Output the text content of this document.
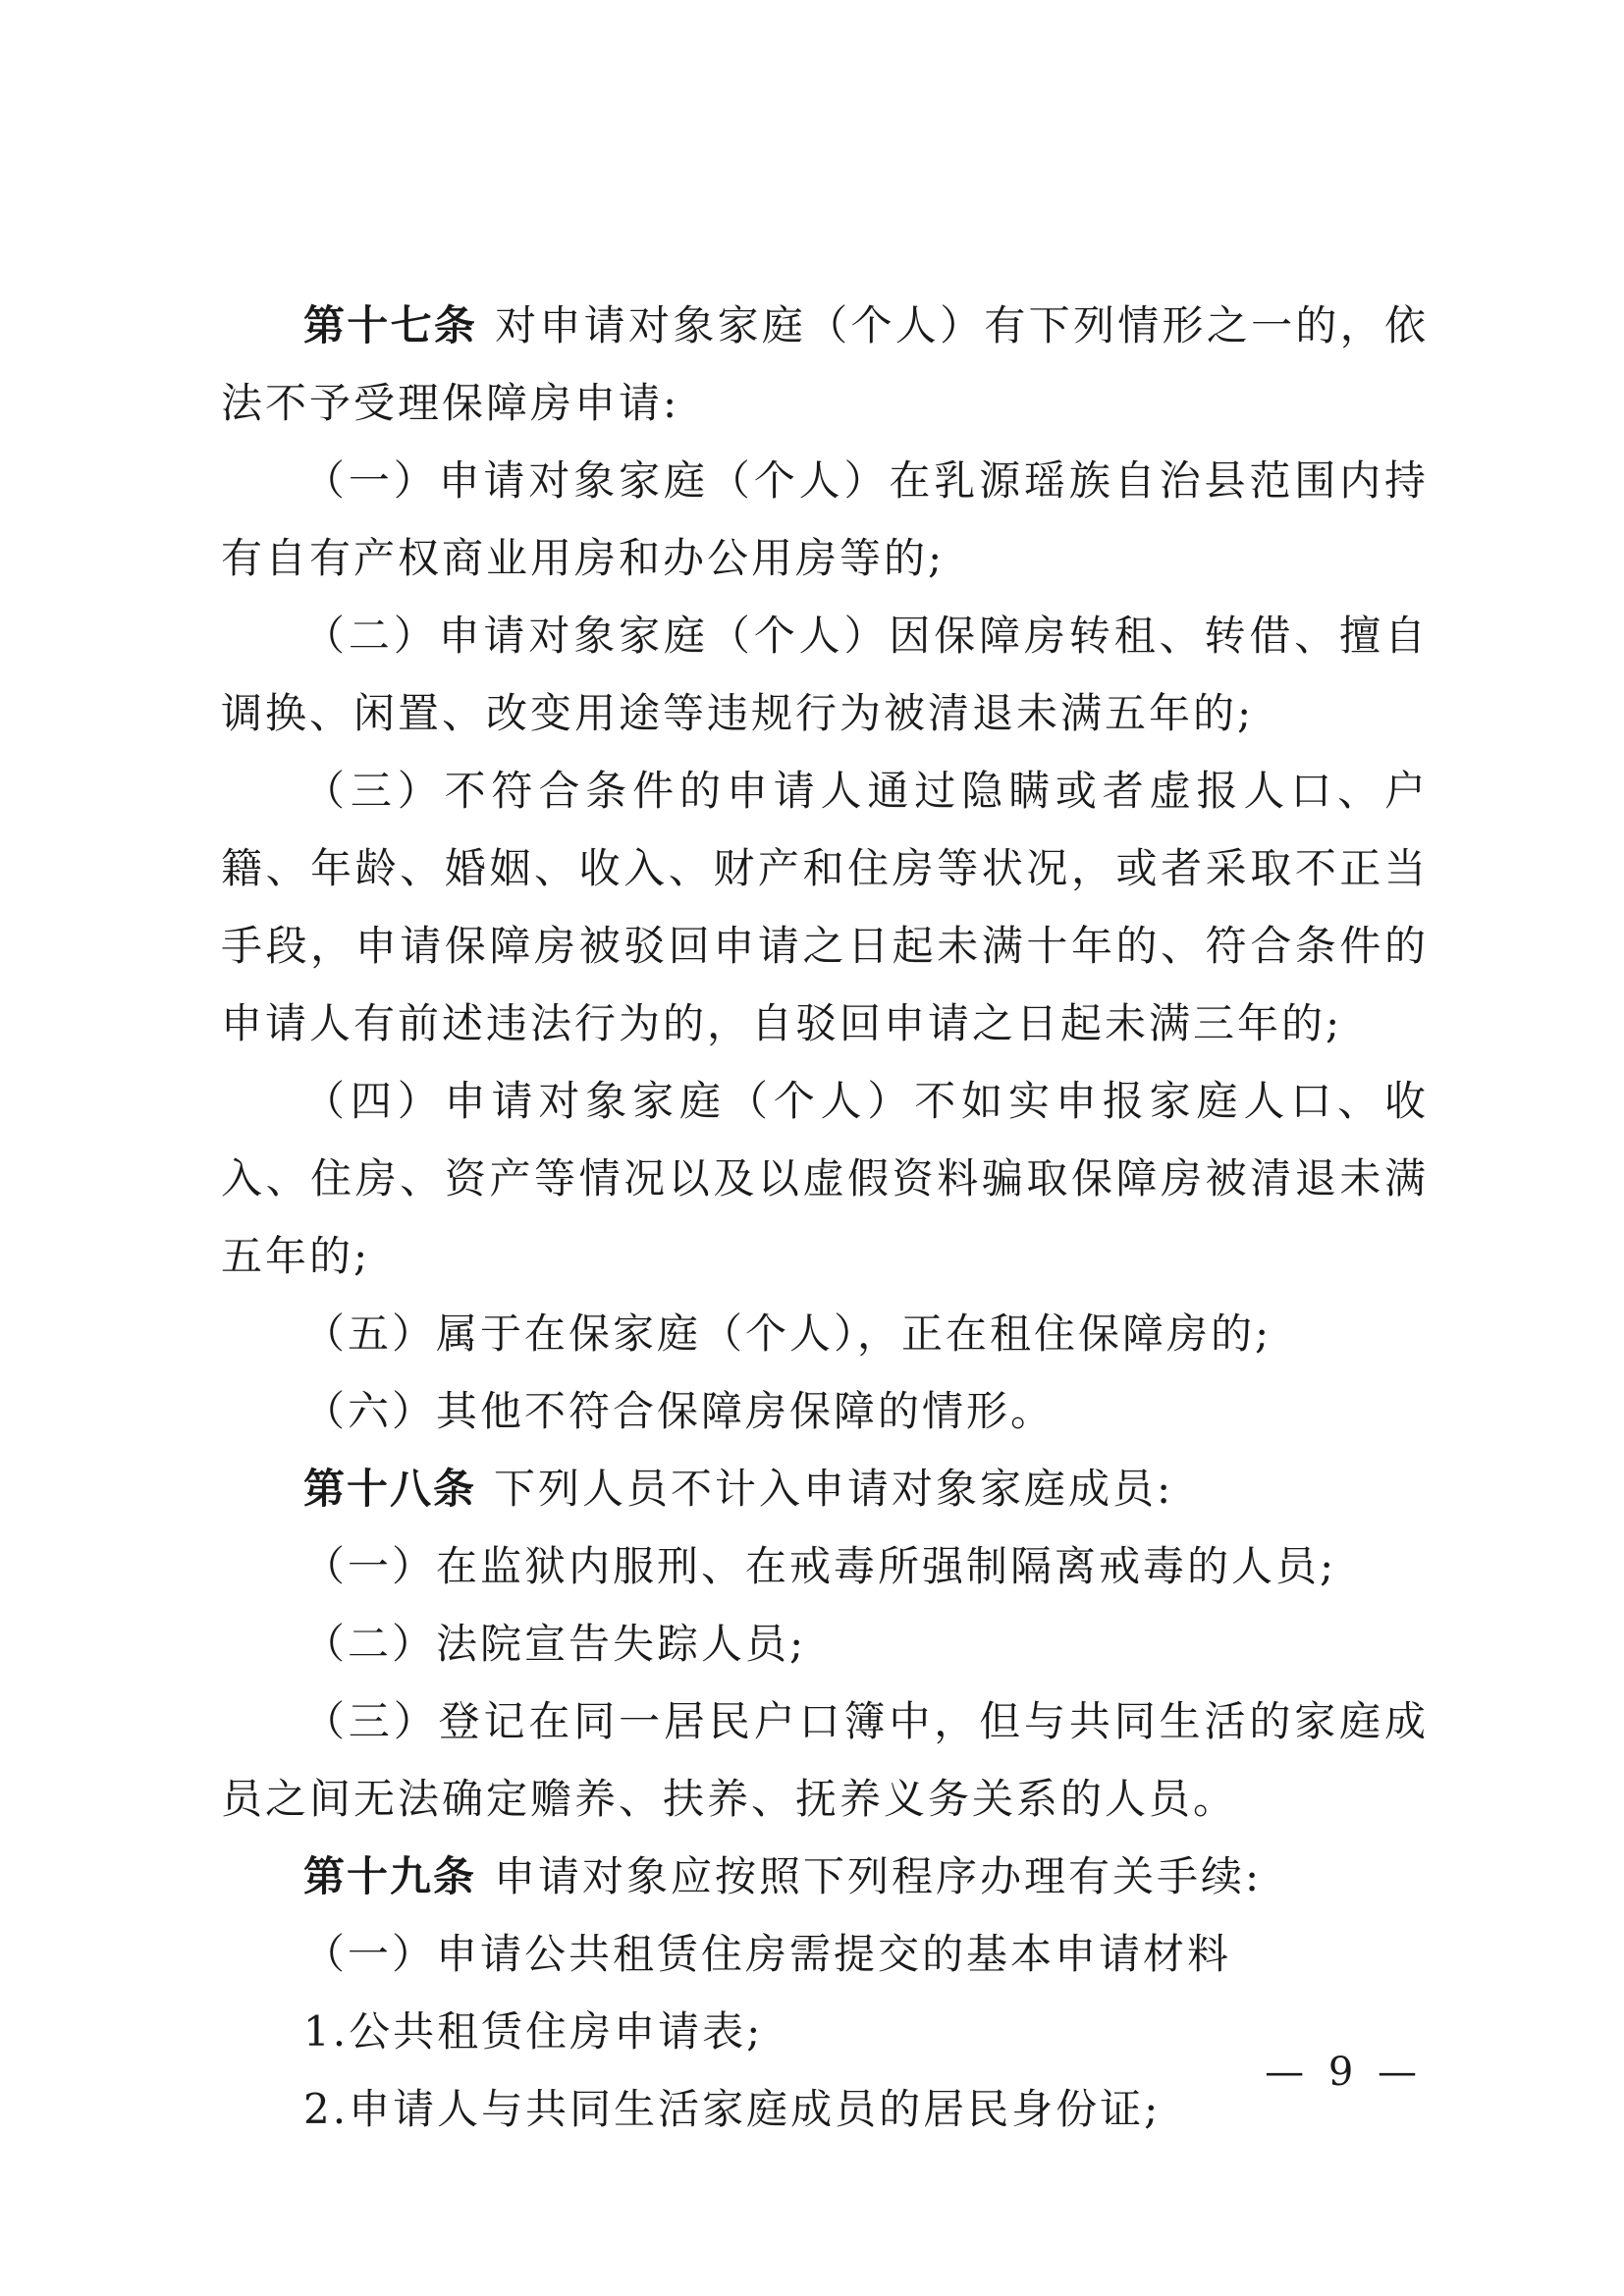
第十七条 对申请对象家庭（个人）有下列情形之一的，依法不予受理保障房申请:

（一）申请对象家庭（个人）在乳源瑶族自治县范围内持有自有产权商业用房和办公用房等的;

（二）申请对象家庭（个人）因保障房转租、转借、擅自调换、闲置、改变用途等违规行为被清退未满五年的;

（三）不符合条件的申请人通过隐瞒或者虚报人口、户籍、年龄、婚姻、收入、财产和住房等状况，或者采取不正当手段，申请保障房被驳回申请之日起未满十年的、符合条件的申请人有前述违法行为的，自驳回申请之日起未满三年的;

（四）申请对象家庭（个人）不如实申报家庭人口、收入、住房、资产等情况以及以虚假资料骗取保障房被清退未满五年的;

（五）属于在保家庭（个人），正在租住保障房的;

（六）其他不符合保障房保障的情形。

第十八条 下列人员不计入申请对象家庭成员:

（一）在监狱内服刑、在戒毒所强制隔离戒毒的人员;

（二）法院宣告失踪人员;

（三）登记在同一居民户口簿中，但与共同生活的家庭成员之间无法确定赡养、扶养、抚养义务关系的人员。

第十九条 申请对象应按照下列程序办理有关手续:

（一）申请公共租赁住房需提交的基本申请材料

1.公共租赁住房申请表;

2.申请人与共同生活家庭成员的居民身份证;

— 9 —
